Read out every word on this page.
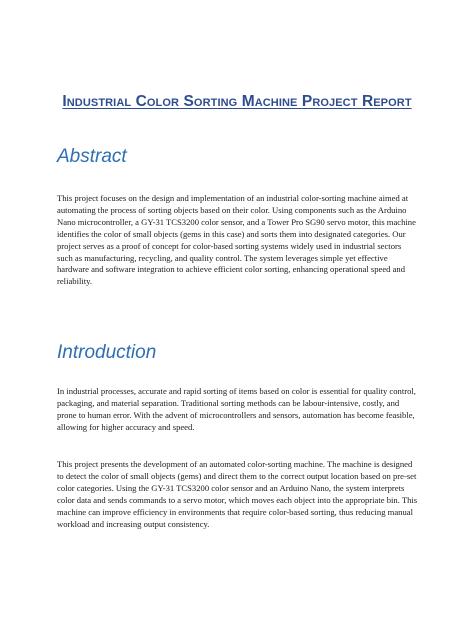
Industrial Color Sorting Machine Project Report
Abstract

This project focuses on the design and implementation of an industrial color-sorting machine aimed at automating the process of sorting objects based on their color. Using components such as the Arduino Nano microcontroller, a GY-31 TCS3200 color sensor, and a Tower Pro SG90 servo motor, this machine identifies the color of small objects (gems in this case) and sorts them into designated categories. Our project serves as a proof of concept for color-based sorting systems widely used in industrial sectors such as manufacturing, recycling, and quality control. The system leverages simple yet effective hardware and software integration to achieve efficient color sorting, enhancing operational speed and reliability.

Introduction

In industrial processes, accurate and rapid sorting of items based on color is essential for quality control, packaging, and material separation. Traditional sorting methods can be labour-intensive, costly, and prone to human error. With the advent of microcontrollers and sensors, automation has become feasible, allowing for higher accuracy and speed.

This project presents the development of an automated color-sorting machine. The machine is designed to detect the color of small objects (gems) and direct them to the correct output location based on pre-set color categories. Using the GY-31 TCS3200 color sensor and an Arduino Nano, the system interprets color data and sends commands to a servo motor, which moves each object into the appropriate bin. This machine can improve efficiency in environments that require color-based sorting, thus reducing manual workload and increasing output consistency.
